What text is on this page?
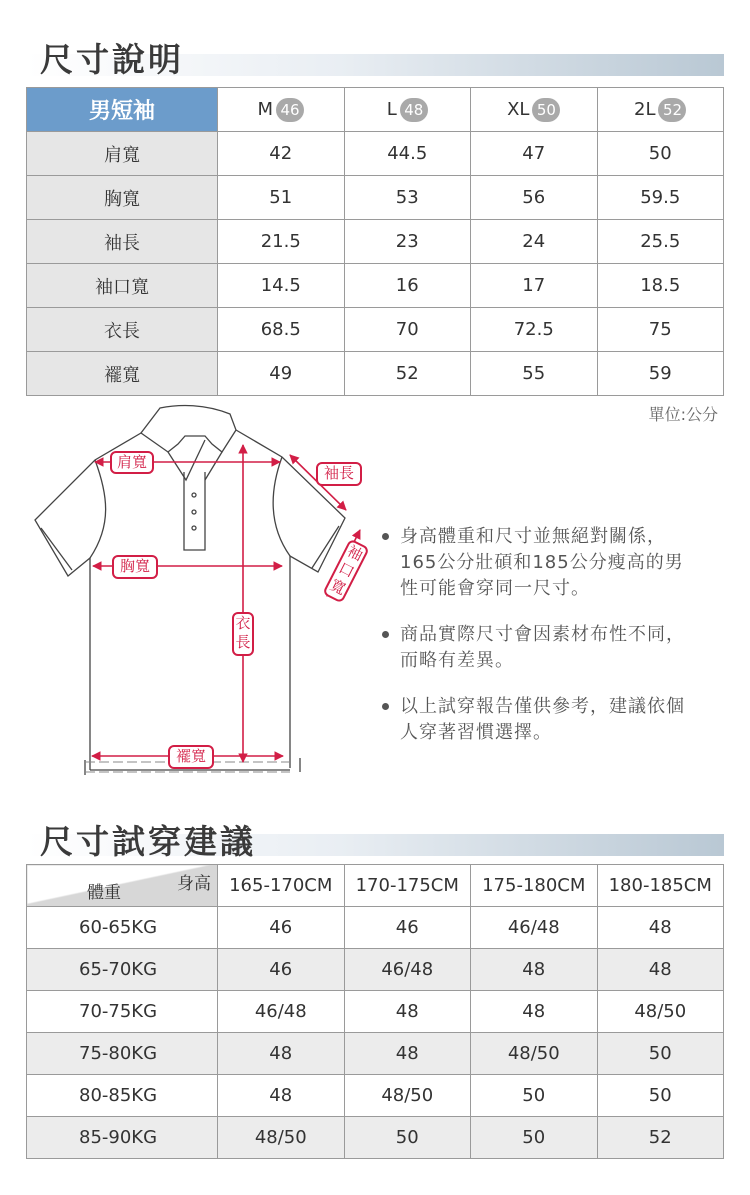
尺寸說明
男短袖	M 46	L 48	XL 50	2L 52
肩寬	42	44.5	47	50
胸寬	51	53	56	59.5
袖長	21.5	23	24	25.5
袖口寬	14.5	16	17	18.5
衣長	68.5	70	72.5	75
襬寬	49	52	55	59
單位:公分
肩寬
袖長
胸寬
袖口寬
衣長
襬寬
身高體重和尺寸並無絕對關係，165公分壯碩和185公分瘦高的男性可能會穿同一尺寸。
商品實際尺寸會因素材布性不同，而略有差異。
以上試穿報告僅供參考，建議依個人穿著習慣選擇。
尺寸試穿建議
身高
體重	165-170CM	170-175CM	175-180CM	180-185CM
60-65KG	46	46	46/48	48
65-70KG	46	46/48	48	48
70-75KG	46/48	48	48	48/50
75-80KG	48	48	48/50	50
80-85KG	48	48/50	50	50
85-90KG	48/50	50	50	52
